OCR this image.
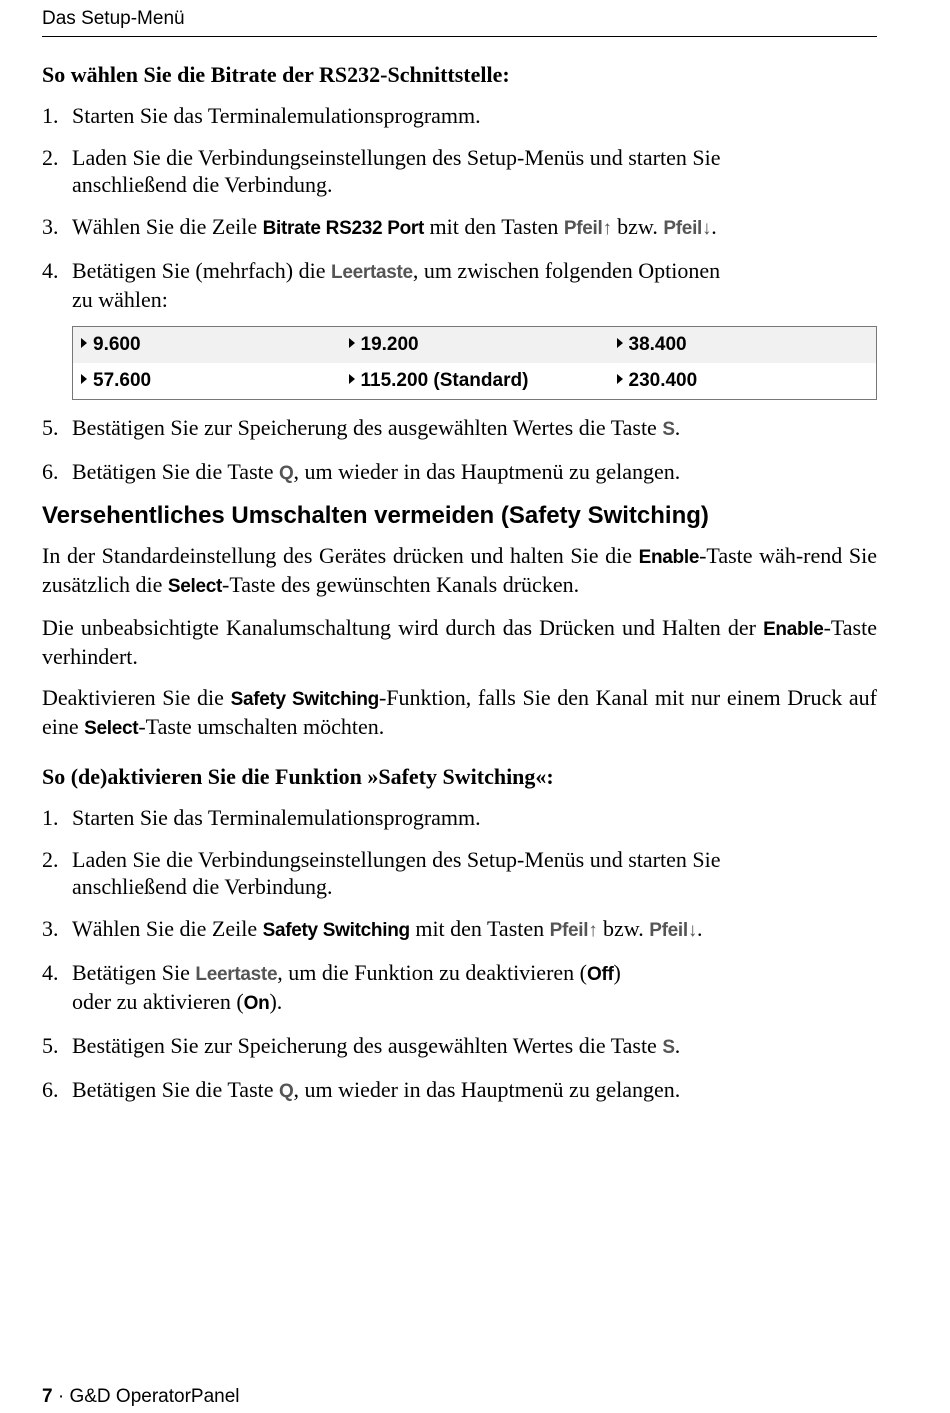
Das Setup-Menü
So wählen Sie die Bitrate der RS232-Schnittstelle:
1. Starten Sie das Terminalemulationsprogramm.
2. Laden Sie die Verbindungseinstellungen des Setup-Menüs und starten Sie
anschließend die Verbindung.
3. Wählen Sie die Zeile Bitrate RS232 Port mit den Tasten Pfeil↑ bzw. Pfeil↓.
4. Betätigen Sie (mehrfach) die Leertaste, um zwischen folgenden Optionen
zu wählen:
9.600	19.200	38.400
57.600	115.200 (Standard)	230.400
5. Bestätigen Sie zur Speicherung des ausgewählten Wertes die Taste S.
6. Betätigen Sie die Taste Q, um wieder in das Hauptmenü zu gelangen.
Versehentliches Umschalten vermeiden (Safety Switching)

In der Standardeinstellung des Gerätes drücken und halten Sie die Enable-Taste wäh-rend Sie zusätzlich die Select-Taste des gewünschten Kanals drücken.

Die unbeabsichtigte Kanalumschaltung wird durch das Drücken und Halten der Enable-Taste verhindert.

Deaktivieren Sie die Safety Switching-Funktion, falls Sie den Kanal mit nur einem Druck auf eine Select-Taste umschalten möchten.

So (de)aktivieren Sie die Funktion »Safety Switching«:
1. Starten Sie das Terminalemulationsprogramm.
2. Laden Sie die Verbindungseinstellungen des Setup-Menüs und starten Sie
anschließend die Verbindung.
3. Wählen Sie die Zeile Safety Switching mit den Tasten Pfeil↑ bzw. Pfeil↓.
4. Betätigen Sie Leertaste, um die Funktion zu deaktivieren (Off)
oder zu aktivieren (On).
5. Bestätigen Sie zur Speicherung des ausgewählten Wertes die Taste S.
6. Betätigen Sie die Taste Q, um wieder in das Hauptmenü zu gelangen.
7 · G&D OperatorPanel
